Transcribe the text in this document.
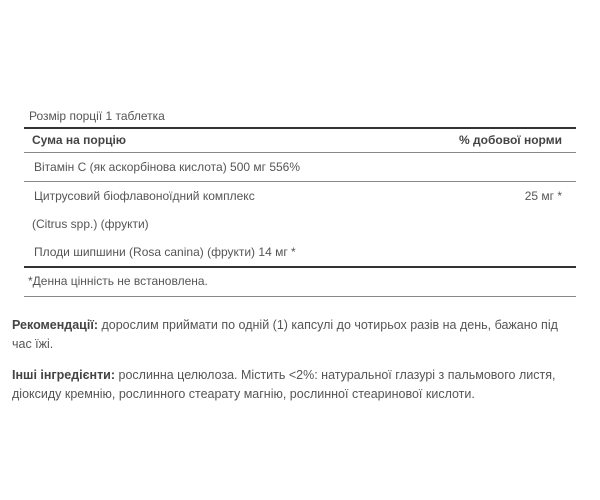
Розмір порції 1 таблетка
Сума на порцію	% добової норми
Вітамін С (як аскорбінова кислота) 500 мг 556%
Цитрусовий біофлавоноїдний комплекс	25 мг *
(Citrus spp.) (фрукти)
Плоди шипшини (Rosa canina) (фрукти) 14 мг *
*Денна цінність не встановлена.
Рекомендації: дорослим приймати по одній (1) капсулі до чотирьох разів на день, бажано під час їжі.
Інші інгредієнти: рослинна целюлоза. Містить <2%: натуральної глазурі з пальмового листя, діоксиду кремнію, рослинного стеарату магнію, рослинної стеаринової кислоти.
